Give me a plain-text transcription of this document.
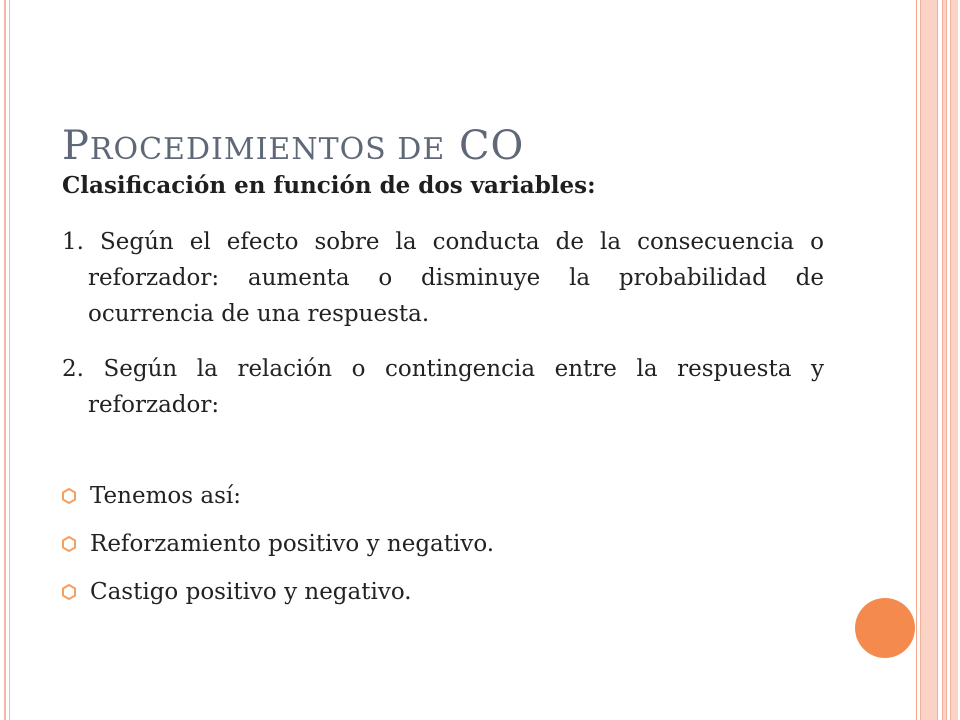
PROCEDIMIENTOS DE CO
Clasificación en función de dos variables:
1. Según el efecto sobre la conducta de la consecuencia o reforzador: aumenta o disminuye la probabilidad de ocurrencia de una respuesta.
2. Según la relación o contingencia entre la respuesta y reforzador:
Tenemos así:
Reforzamiento positivo y negativo.
Castigo positivo y negativo.
